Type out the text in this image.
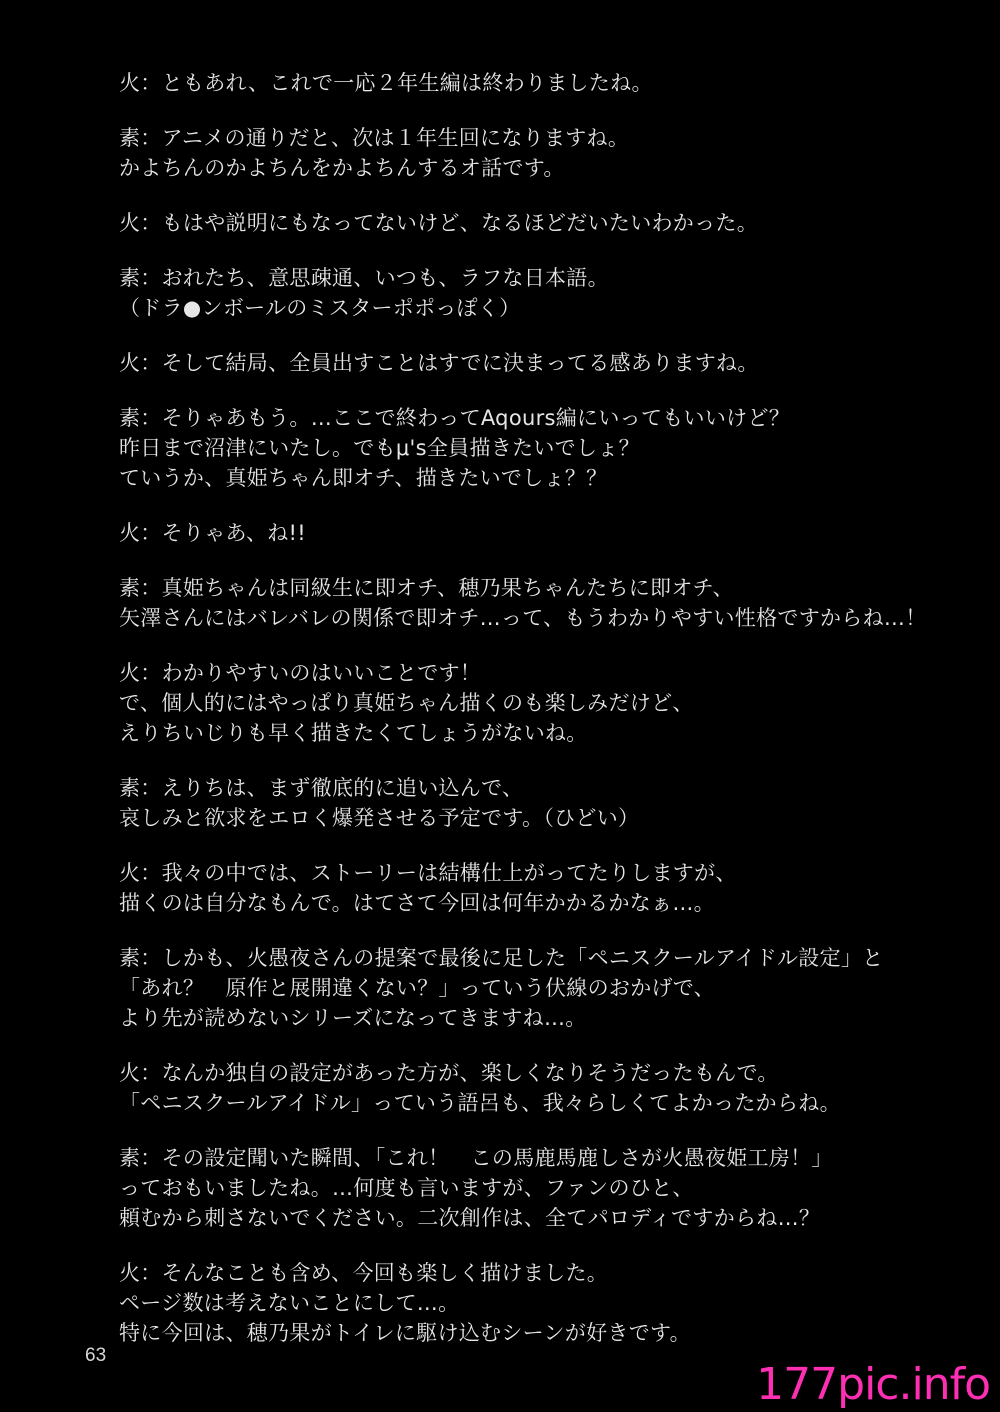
火：ともあれ、これで一応２年生編は終わりましたね。
素：アニメの通りだと、次は１年生回になりますね。
かよちんのかよちんをかよちんするオ話です。
火：もはや説明にもなってないけど、なるほどだいたいわかった。
素：おれたち、意思疎通、いつも、ラフな日本語。
（ドラ●ンボールのミスターポポっぽく）
火：そして結局、全員出すことはすでに決まってる感ありますね。
素：そりゃあもう。…ここで終わってAqours編にいってもいいけど？
昨日まで沼津にいたし。でもμ's全員描きたいでしょ？
ていうか、真姫ちゃん即オチ、描きたいでしょ？？
火：そりゃあ、ね!!
素：真姫ちゃんは同級生に即オチ、穂乃果ちゃんたちに即オチ、
矢澤さんにはバレバレの関係で即オチ…って、もうわかりやすい性格ですからね…！
火：わかりやすいのはいいことです！
で、個人的にはやっぱり真姫ちゃん描くのも楽しみだけど、
えりちいじりも早く描きたくてしょうがないね。
素：えりちは、まず徹底的に追い込んで、
哀しみと欲求をエロく爆発させる予定です。（ひどい）
火：我々の中では、ストーリーは結構仕上がってたりしますが、
描くのは自分なもんで。はてさて今回は何年かかるかなぁ…。
素：しかも、火愚夜さんの提案で最後に足した「ペニスクールアイドル設定」と
「あれ？　原作と展開違くない？」っていう伏線のおかげで、
より先が読めないシリーズになってきますね…。
火：なんか独自の設定があった方が、楽しくなりそうだったもんで。
「ペニスクールアイドル」っていう語呂も、我々らしくてよかったからね。
素：その設定聞いた瞬間、「これ！　この馬鹿馬鹿しさが火愚夜姫工房！」
っておもいましたね。…何度も言いますが、ファンのひと、
頼むから刺さないでください。二次創作は、全てパロディですからね…？
火：そんなことも含め、今回も楽しく描けました。
ページ数は考えないことにして…。
特に今回は、穂乃果がトイレに駆け込むシーンが好きです。
63
177pic.info
